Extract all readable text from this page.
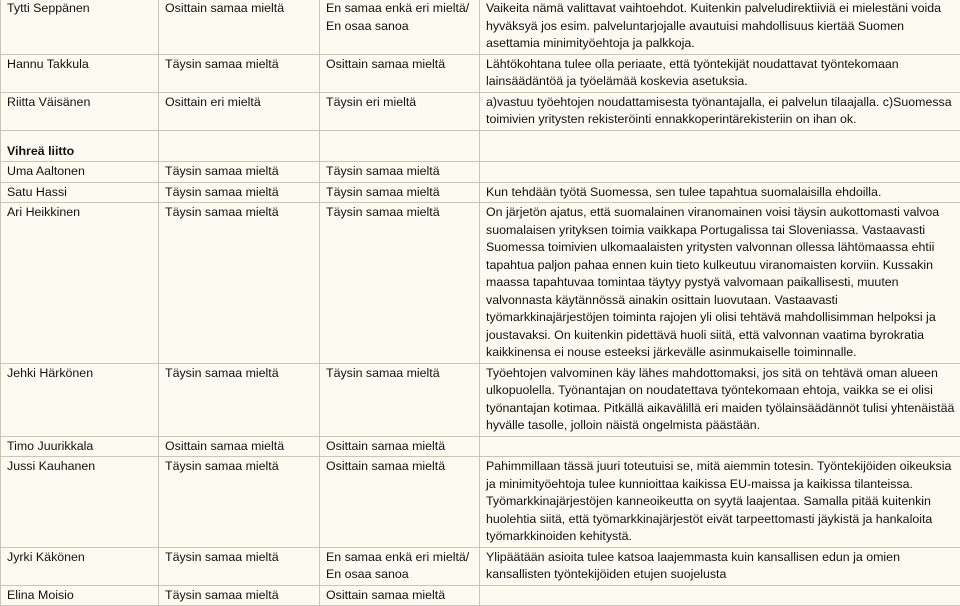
Tytti Seppänen	Osittain samaa mieltä	En samaa enkä eri mieltä/ En osaa sanoa	Vaikeita nämä valittavat vaihtoehdot. Kuitenkin palveludirektiiviä ei mielestäni voida hyväksyä jos esim. palveluntarjojalle avautuisi mahdollisuus kiertää Suomen asettamia minimityöehtoja ja palkkoja.
Hannu Takkula	Täysin samaa mieltä	Osittain samaa mieltä	Lähtökohtana tulee olla periaate, että työntekijät noudattavat työntekomaan lainsäädäntöä ja työelämää koskevia asetuksia.
Riitta Väisänen	Osittain eri mieltä	Täysin eri mieltä	a)vastuu työehtojen noudattamisesta työnantajalla, ei palvelun tilaajalla. c)Suomessa toimivien yritysten rekisteröinti ennakkoperintärekisteriin on ihan ok.
Vihreä liitto			
Uma Aaltonen	Täysin samaa mieltä	Täysin samaa mieltä	
Satu Hassi	Täysin samaa mieltä	Täysin samaa mieltä	Kun tehdään työtä Suomessa, sen tulee tapahtua suomalaisilla ehdoilla.
Ari Heikkinen	Täysin samaa mieltä	Täysin samaa mieltä	On järjetön ajatus, että suomalainen viranomainen voisi täysin aukottomasti valvoa suomalaisen yrityksen toimia vaikkapa Portugalissa tai Sloveniassa. Vastaavasti Suomessa toimivien ulkomaalaisten yritysten valvonnan ollessa lähtömaassa ehtii tapahtua paljon pahaa ennen kuin tieto kulkeutuu viranomaisten korviin. Kussakin maassa tapahtuvaa tomintaa täytyy pystyä valvomaan paikallisesti, muuten valvonnasta käytännössä ainakin osittain luovutaan. Vastaavasti työmarkkinajärjestöjen toiminta rajojen yli olisi tehtävä mahdollisimman helpoksi ja joustavaksi. On kuitenkin pidettävä huoli siitä, että valvonnan vaatima byrokratia kaikkinensa ei nouse esteeksi järkevälle asinmukaiselle toiminnalle.
Jehki Härkönen	Täysin samaa mieltä	Täysin samaa mieltä	Työehtojen valvominen käy lähes mahdottomaksi, jos sitä on tehtävä oman alueen ulkopuolella. Työnantajan on noudatettava työntekomaan ehtoja, vaikka se ei olisi työnantajan kotimaa. Pitkällä aikavälillä eri maiden työlainsäädännöt tulisi yhtenäistää hyvälle tasolle, jolloin näistä ongelmista päästään.
Timo Juurikkala	Osittain samaa mieltä	Osittain samaa mieltä	
Jussi Kauhanen	Täysin samaa mieltä	Osittain samaa mieltä	Pahimmillaan tässä juuri toteutuisi se, mitä aiemmin totesin. Työntekijöiden oikeuksia ja minimityöehtoja tulee kunnioittaa kaikissa EU-maissa ja kaikissa tilanteissa. Työmarkkinajärjestöjen kanneoikeutta on syytä laajentaa. Samalla pitää kuitenkin huolehtia siitä, että työmarkkinajärjestöt eivät tarpeettomasti jäykistä ja hankaloita työmarkkinoiden kehitystä.
Jyrki Käkönen	Täysin samaa mieltä	En samaa enkä eri mieltä/ En osaa sanoa	Ylipäätään asioita tulee katsoa laajemmasta kuin kansallisen edun ja omien kansallisten työntekijöiden etujen suojelusta
Elina Moisio	Täysin samaa mieltä	Osittain samaa mieltä	
